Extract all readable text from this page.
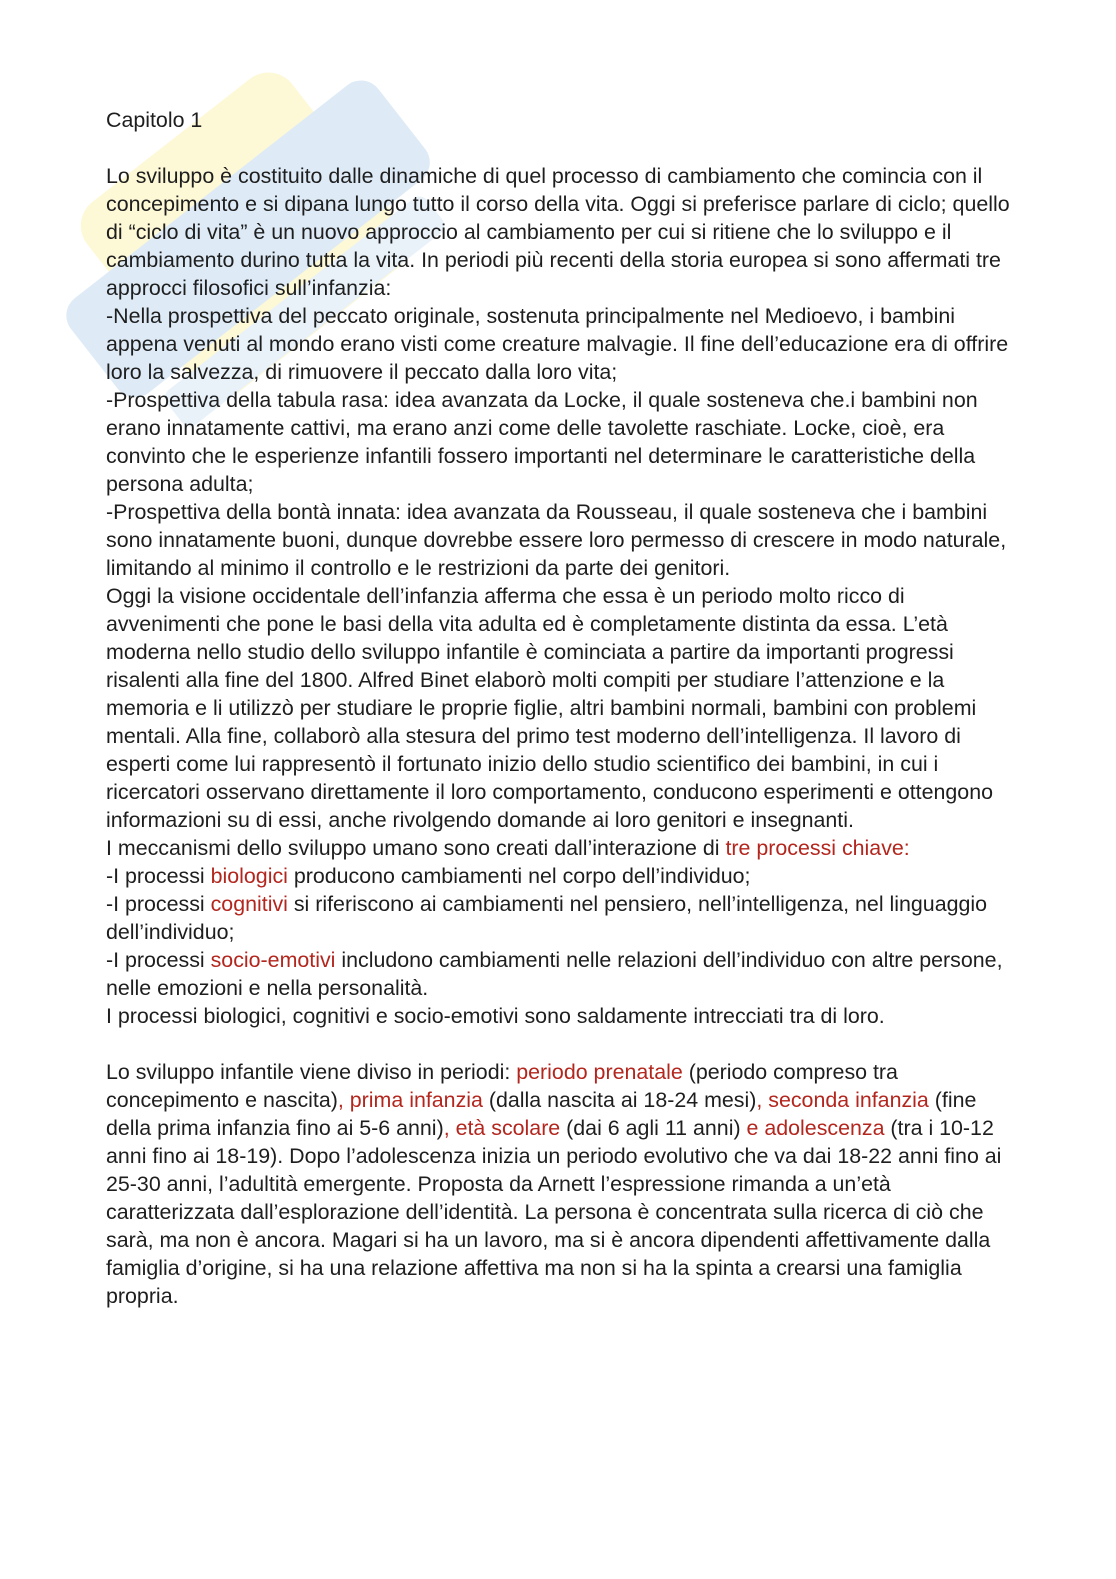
Capitolo 1

Lo sviluppo è costituito dalle dinamiche di quel processo di cambiamento che comincia con il concepimento e si dipana lungo tutto il corso della vita. Oggi si preferisce parlare di ciclo; quello di “ciclo di vita” è un nuovo approccio al cambiamento per cui si ritiene che lo sviluppo e il cambiamento durino tutta la vita. In periodi più recenti della storia europea si sono affermati tre approcci filosofici sull’infanzia:

-Nella prospettiva del peccato originale, sostenuta principalmente nel Medioevo, i bambini appena venuti al mondo erano visti come creature malvagie. Il fine dell’educazione era di offrire loro la salvezza, di rimuovere il peccato dalla loro vita;

-Prospettiva della tabula rasa: idea avanzata da Locke, il quale sosteneva che.i bambini non erano innatamente cattivi, ma erano anzi come delle tavolette raschiate. Locke, cioè, era convinto che le esperienze infantili fossero importanti nel determinare le caratteristiche della persona adulta;

-Prospettiva della bontà innata: idea avanzata da Rousseau, il quale sosteneva che i bambini sono innatamente buoni, dunque dovrebbe essere loro permesso di crescere in modo naturale, limitando al minimo il controllo e le restrizioni da parte dei genitori.

Oggi la visione occidentale dell’infanzia afferma che essa è un periodo molto ricco di avvenimenti che pone le basi della vita adulta ed è completamente distinta da essa. L’età moderna nello studio dello sviluppo infantile è cominciata a partire da importanti progressi risalenti alla fine del 1800. Alfred Binet elaborò molti compiti per studiare l’attenzione e la memoria e li utilizzò per studiare le proprie figlie, altri bambini normali, bambini con problemi mentali. Alla fine, collaborò alla stesura del primo test moderno dell’intelligenza. Il lavoro di esperti come lui rappresentò il fortunato inizio dello studio scientifico dei bambini, in cui i ricercatori osservano direttamente il loro comportamento, conducono esperimenti e ottengono informazioni su di essi, anche rivolgendo domande ai loro genitori e insegnanti.

I meccanismi dello sviluppo umano sono creati dall’interazione di tre processi chiave:

-I processi biologici producono cambiamenti nel corpo dell’individuo;

-I processi cognitivi si riferiscono ai cambiamenti nel pensiero, nell’intelligenza, nel linguaggio dell’individuo;

-I processi socio-emotivi includono cambiamenti nelle relazioni dell’individuo con altre persone, nelle emozioni e nella personalità.

I processi biologici, cognitivi e socio-emotivi sono saldamente intrecciati tra di loro.

Lo sviluppo infantile viene diviso in periodi: periodo prenatale (periodo compreso tra concepimento e nascita), prima infanzia (dalla nascita ai 18-24 mesi), seconda infanzia (fine della prima infanzia fino ai 5-6 anni), età scolare (dai 6 agli 11 anni) e adolescenza (tra i 10-12 anni fino ai 18-19). Dopo l’adolescenza inizia un periodo evolutivo che va dai 18-22 anni fino ai 25-30 anni, l’adultità emergente. Proposta da Arnett l’espressione rimanda a un’età caratterizzata dall’esplorazione dell’identità. La persona è concentrata sulla ricerca di ciò che sarà, ma non è ancora. Magari si ha un lavoro, ma si è ancora dipendenti affettivamente dalla famiglia d’origine, si ha una relazione affettiva ma non si ha la spinta a crearsi una famiglia propria.
